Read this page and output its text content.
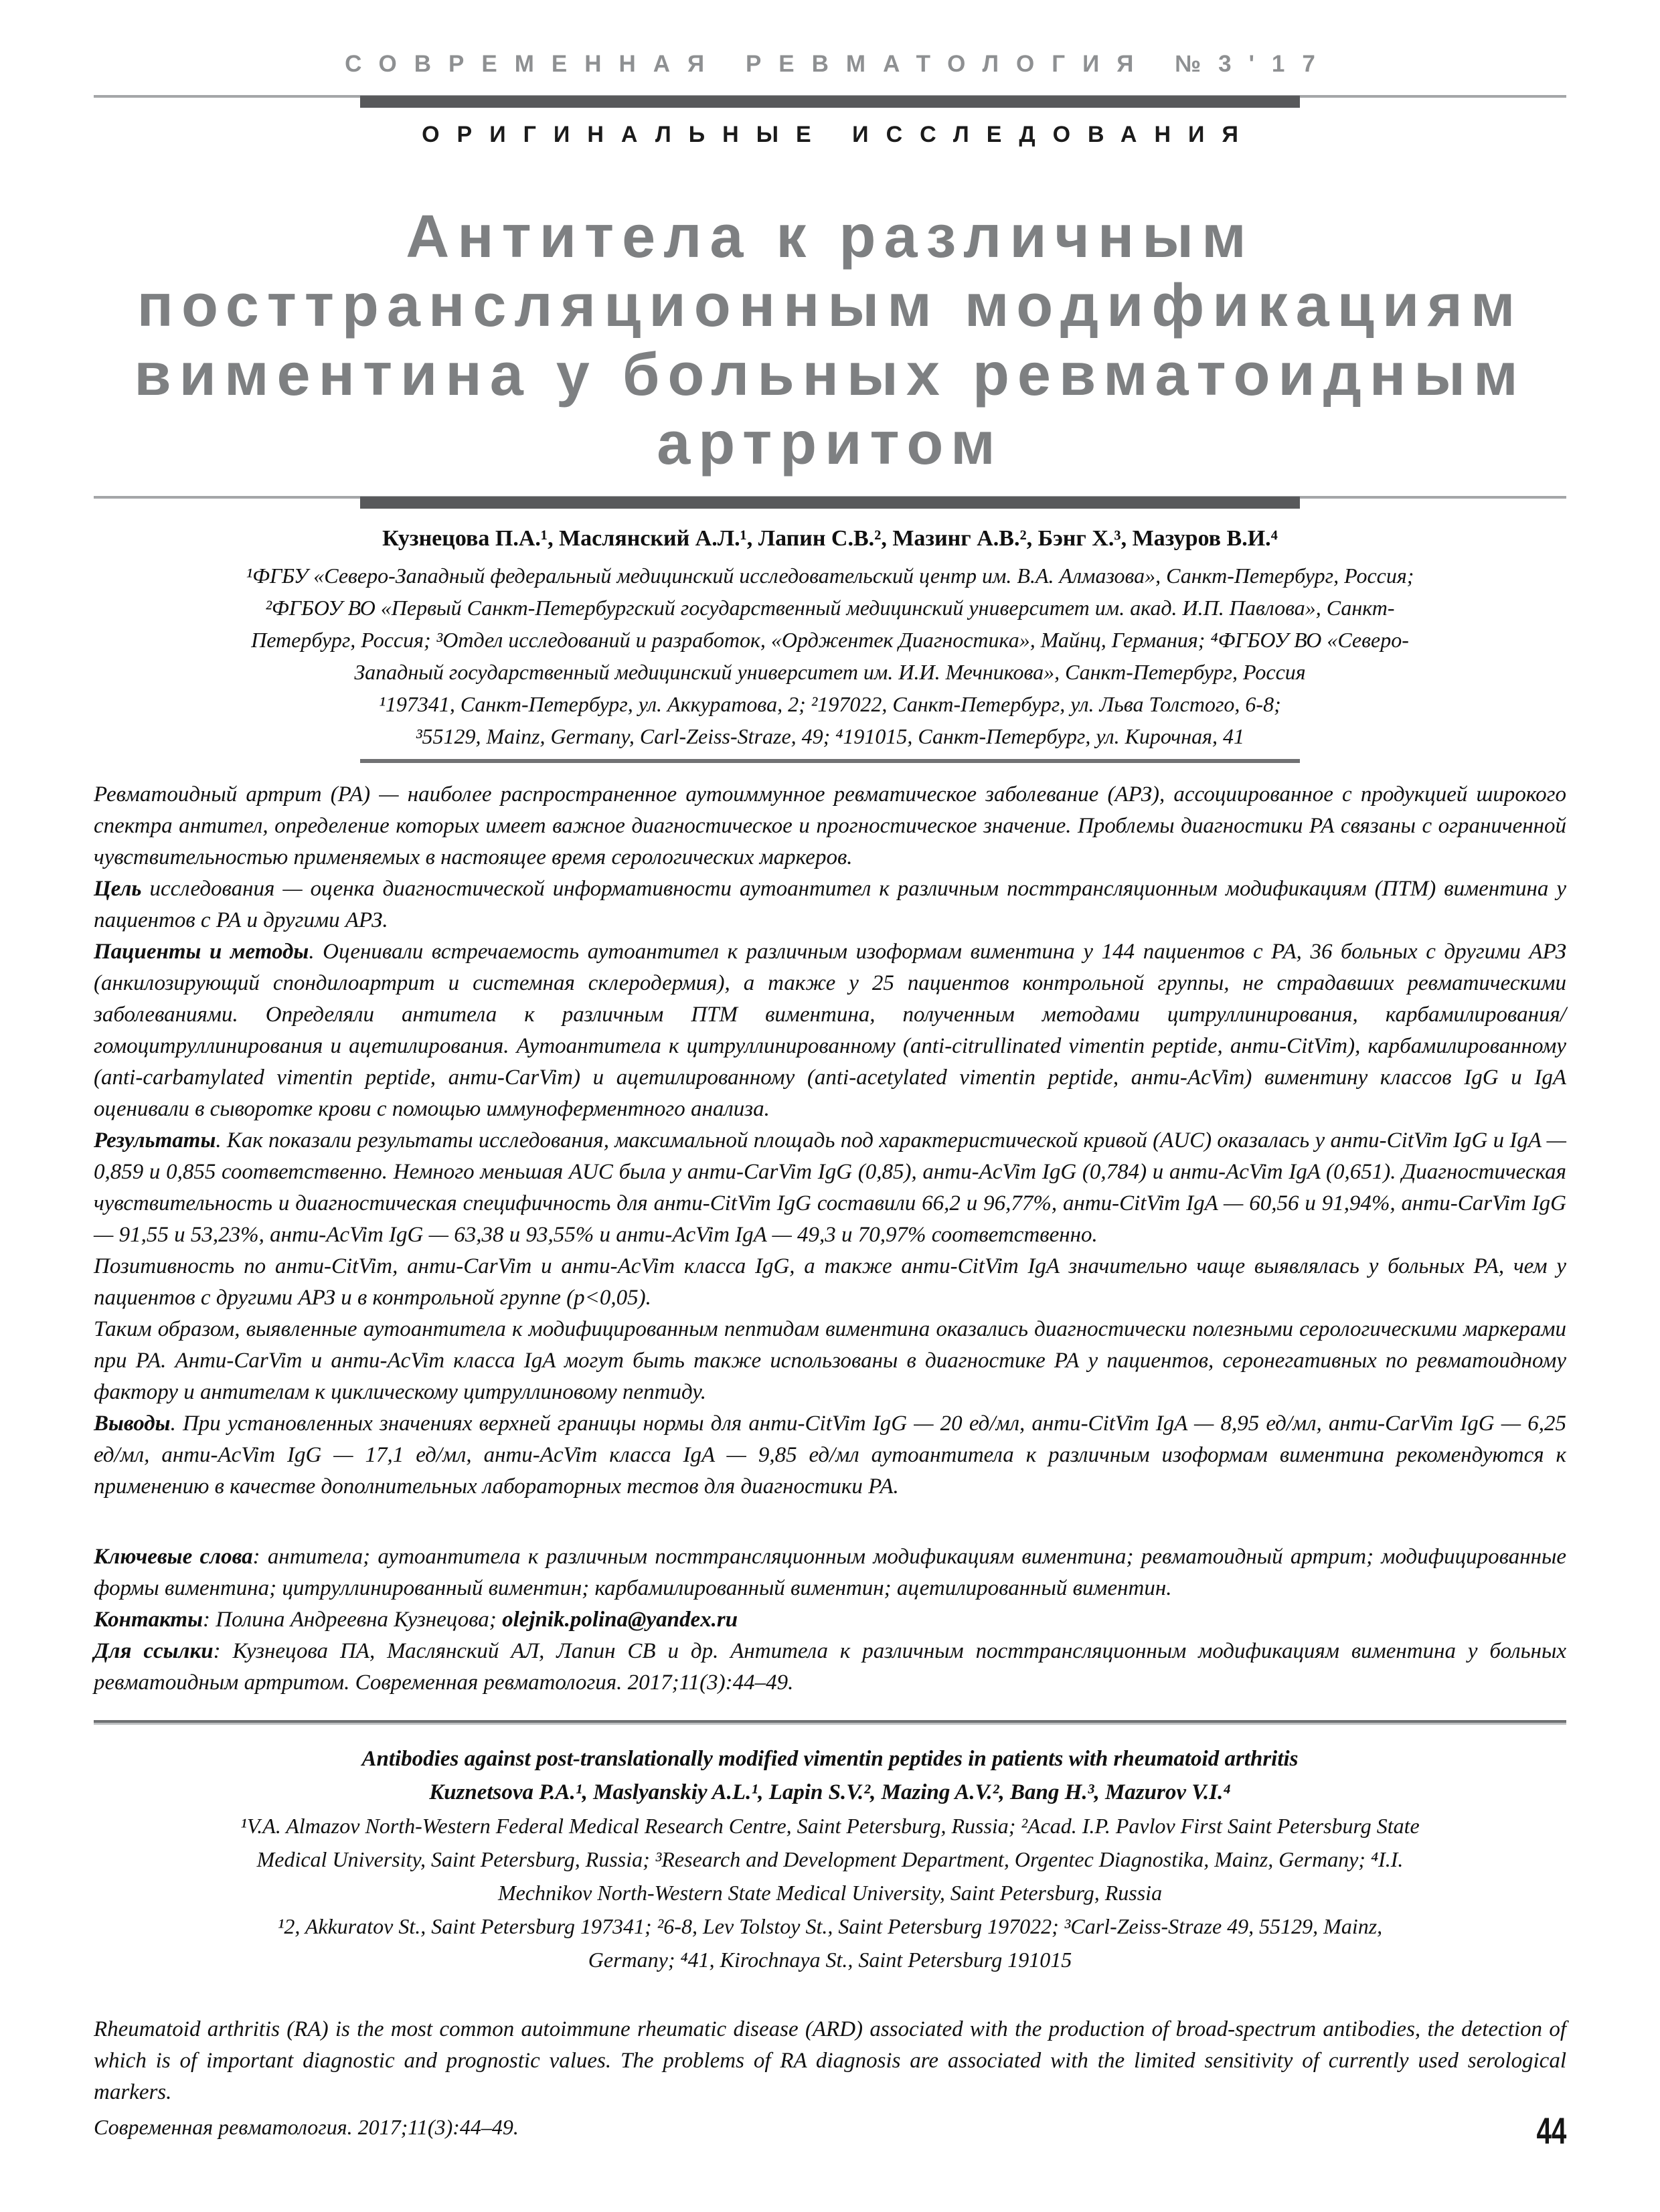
СОВРЕМЕННАЯ РЕВМАТОЛОГИЯ №3'17
ОРИГИНАЛЬНЫЕ ИССЛЕДОВАНИЯ
Антитела к различным
посттрансляционным модификациям
виментина у больных ревматоидным
артритом
Кузнецова П.А.¹, Маслянский А.Л.¹, Лапин С.В.², Мазинг А.В.², Бэнг Х.³, Мазуров В.И.⁴
¹ФГБУ «Северо-Западный федеральный медицинский исследовательский центр им. В.А. Алмазова», Санкт-Петербург, Россия;
²ФГБОУ ВО «Первый Санкт-Петербургский государственный медицинский университет им. акад. И.П. Павлова», Санкт-
Петербург, Россия; ³Отдел исследований и разработок, «Орджентек Диагностика», Майнц, Германия; ⁴ФГБОУ ВО «Северо-
Западный государственный медицинский университет им. И.И. Мечникова», Санкт-Петербург, Россия
¹197341, Санкт-Петербург, ул. Аккуратова, 2; ²197022, Санкт-Петербург, ул. Льва Толстого, 6-8;
³55129, Mainz, Germany, Carl-Zeiss-Straze, 49; ⁴191015, Санкт-Петербург, ул. Кирочная, 41

Ревматоидный артрит (РА) — наиболее распространенное аутоиммунное ревматическое заболевание (АРЗ), ассоциированное с продукцией широкого спектра антител, определение которых имеет важное диагностическое и прогностическое значение. Проблемы диагностики РА связаны с ограниченной чувствительностью применяемых в настоящее время серологических маркеров.

Цель исследования — оценка диагностической информативности аутоантител к различным посттрансляционным модификациям (ПТМ) виментина у пациентов с РА и другими АРЗ.

Пациенты и методы. Оценивали встречаемость аутоантител к различным изоформам виментина у 144 пациентов с РА, 36 больных с другими АРЗ (анкилозирующий спондилоартрит и системная склеродермия), а также у 25 пациентов контрольной группы, не страдавших ревматическими заболеваниями. Определяли антитела к различным ПТМ виментина, полученным методами цитруллинирования, карбамилирования/гомоцитруллинирования и ацетилирования. Аутоантитела к цитруллинированному (anti-citrullinated vimentin peptide, анти-CitVim), карбамилированному (anti-carbamylated vimentin peptide, анти-CarVim) и ацетилированному (anti-acetylated vimentin peptide, анти-AcVim) виментину классов IgG и IgA оценивали в сыворотке крови с помощью иммуноферментного анализа.

Результаты. Как показали результаты исследования, максимальной площадь под характеристической кривой (AUC) оказалась у анти-CitVim IgG и IgA — 0,859 и 0,855 соответственно. Немного меньшая AUC была у анти-CarVim IgG (0,85), анти-AcVim IgG (0,784) и анти-AcVim IgA (0,651). Диагностическая чувствительность и диагностическая специфичность для анти-CitVim IgG составили 66,2 и 96,77%, анти-CitVim IgA — 60,56 и 91,94%, анти-CarVim IgG — 91,55 и 53,23%, анти-AcVim IgG — 63,38 и 93,55% и анти-AcVim IgA — 49,3 и 70,97% соответственно.

Позитивность по анти-CitVim, анти-CarVim и анти-AcVim класса IgG, а также анти-CitVim IgA значительно чаще выявлялась у больных РА, чем у пациентов с другими АРЗ и в контрольной группе (p<0,05).

Таким образом, выявленные аутоантитела к модифицированным пептидам виментина оказались диагностически полезными серологическими маркерами при РА. Анти-CarVim и анти-AcVim класса IgA могут быть также использованы в диагностике РА у пациентов, серонегативных по ревматоидному фактору и антителам к циклическому цитруллиновому пептиду.

Выводы. При установленных значениях верхней границы нормы для анти-CitVim IgG — 20 ед/мл, анти-CitVim IgA — 8,95 ед/мл, анти-CarVim IgG — 6,25 ед/мл, анти-AcVim IgG — 17,1 ед/мл, анти-AcVim класса IgA — 9,85 ед/мл аутоантитела к различным изоформам виментина рекомендуются к применению в качестве дополнительных лабораторных тестов для диагностики РА.

Ключевые слова: антитела; аутоантитела к различным посттрансляционным модификациям виментина; ревматоидный артрит; модифицированные формы виментина; цитруллинированный виментин; карбамилированный виментин; ацетилированный виментин.

Контакты: Полина Андреевна Кузнецова; olejnik.polina@yandex.ru

Для ссылки: Кузнецова ПА, Маслянский АЛ, Лапин СВ и др. Антитела к различным посттрансляционным модификациям виментина у больных ревматоидным артритом. Современная ревматология. 2017;11(3):44–49.

Antibodies against post-translationally modified vimentin peptides in patients with rheumatoid arthritis
Kuznetsova P.A.¹, Maslyanskiy A.L.¹, Lapin S.V.², Mazing A.V.², Bang H.³, Mazurov V.I.⁴
¹V.A. Almazov North-Western Federal Medical Research Centre, Saint Petersburg, Russia; ²Acad. I.P. Pavlov First Saint Petersburg State
Medical University, Saint Petersburg, Russia; ³Research and Development Department, Orgentec Diagnostika, Mainz, Germany; ⁴I.I.
Mechnikov North-Western State Medical University, Saint Petersburg, Russia
¹2, Akkuratov St., Saint Petersburg 197341; ²6-8, Lev Tolstoy St., Saint Petersburg 197022; ³Carl-Zeiss-Straze 49, 55129, Mainz,
Germany; ⁴41, Kirochnaya St., Saint Petersburg 191015

Rheumatoid arthritis (RA) is the most common autoimmune rheumatic disease (ARD) associated with the production of broad-spectrum antibodies, the detection of which is of important diagnostic and prognostic values. The problems of RA diagnosis are associated with the limited sensitivity of currently used serological markers.

Современная ревматология. 2017;11(3):44–49.	44
